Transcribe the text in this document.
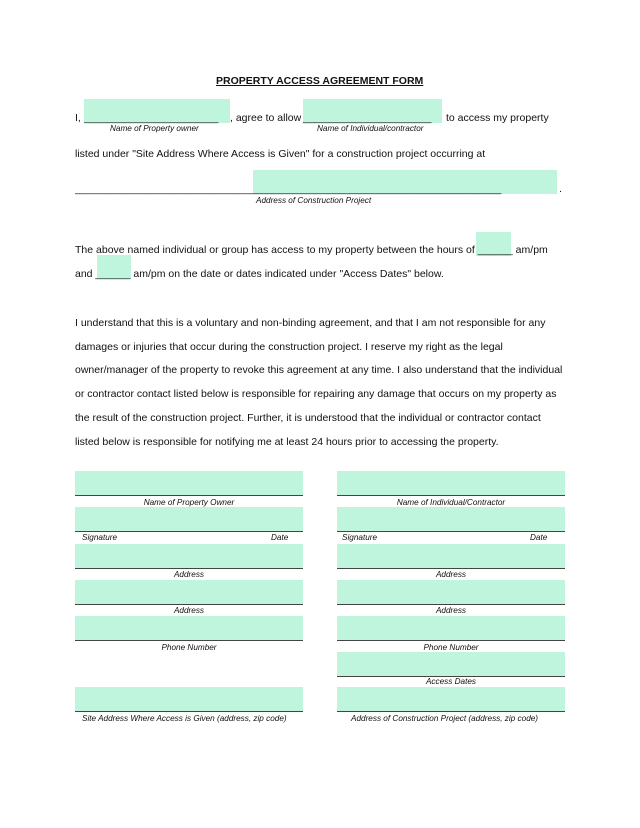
PROPERTY ACCESS AGREEMENT FORM
I, _______________________ , agree to allow ______________________ to access my property
Name of Property owner	Name of Individual/contractor
listed under "Site Address Where Access is Given" for a construction project occurring at
_________________________________________________________________________	.
Address of Construction Project
The above named individual or group has access to my property between the hours of ______ am/pm
and ______ am/pm on the date or dates indicated under "Access Dates" below.
I understand that this is a voluntary and non-binding agreement, and that I am not responsible for any
damages or injuries that occur during the construction project. I reserve my right as the legal
owner/manager of the property to revoke this agreement at any time. I also understand that the individual
or contractor contact listed below is responsible for repairing any damage that occurs on my property as
the result of the construction project. Further, it is understood that the individual or contractor contact
listed below is responsible for notifying me at least 24 hours prior to accessing the property.
Name of Property Owner
Signature	Date
Address
Address
Phone Number
Site Address Where Access is Given (address, zip code)
Name of Individual/Contractor
Signature	Date
Address
Address
Phone Number
Access Dates
Address of Construction Project (address, zip code)
